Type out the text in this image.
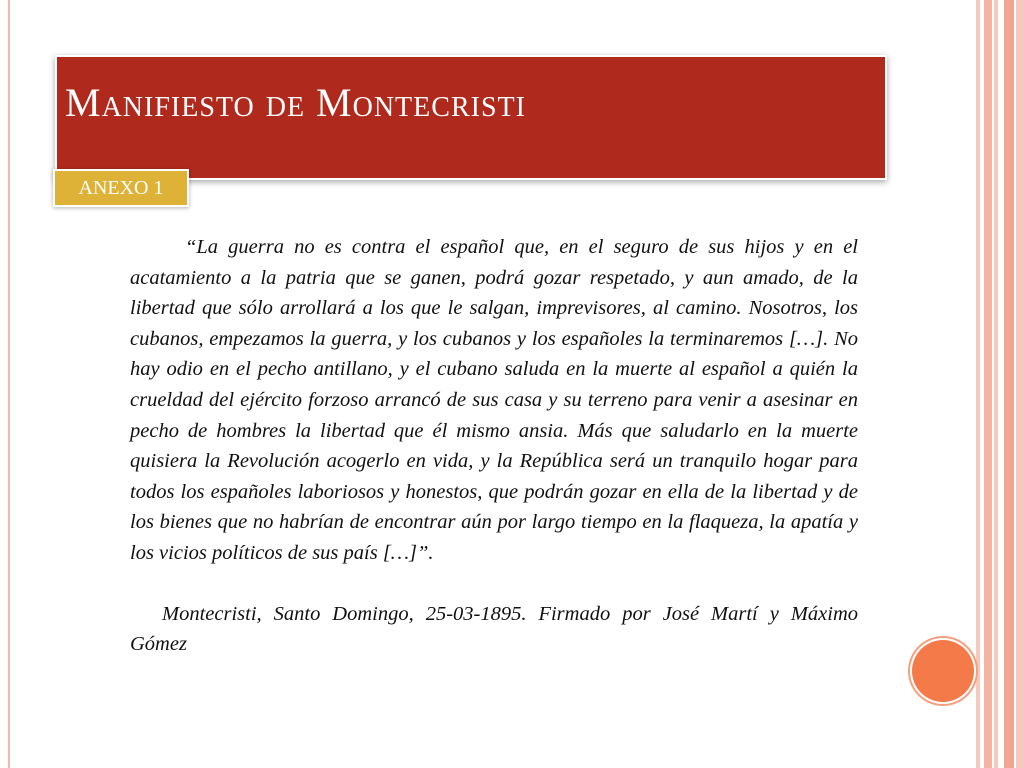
Manifiesto de Montecristi
ANEXO 1

“La guerra no es contra el español que, en el seguro de sus hijos y en el acatamiento a la patria que se ganen, podrá gozar respetado, y aun amado, de la libertad que sólo arrollará a los que le salgan, imprevisores, al camino. Nosotros, los cubanos, empezamos la guerra, y los cubanos y los españoles la terminaremos […]. No hay odio en el pecho antillano, y el cubano saluda en la muerte al español a quién la crueldad del ejército forzoso arrancó de sus casa y su terreno para venir a asesinar en pecho de hombres la libertad que él mismo ansia. Más que saludarlo en la muerte quisiera la Revolución acogerlo en vida, y la República será un tranquilo hogar para todos los españoles laboriosos y honestos, que podrán gozar en ella de la libertad y de los bienes que no habrían de encontrar aún por largo tiempo en la flaqueza, la apatía y los vicios políticos de sus país […]”.

Montecristi, Santo Domingo, 25-03-1895. Firmado por José Martí y Máximo Gómez
